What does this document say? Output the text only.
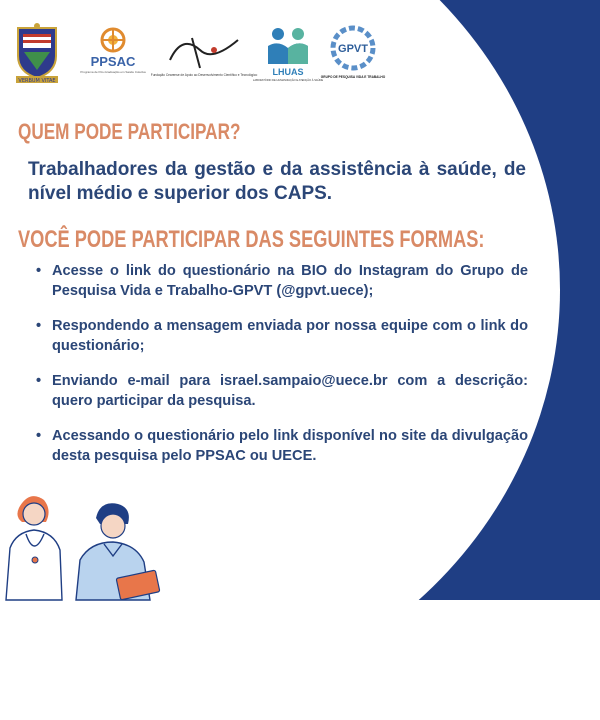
VERBUM VITAE
PPSAC
Programa de Pós-Graduação em Saúde Coletiva
Fundação Cearense de Apoio ao Desenvolvimento Científico e Tecnológico LHUAS
LABORATÓRIO DE HUMANIZAÇÃO E ATENÇÃO À SAÚDE
GPVT
GRUPO DE PESQUISA VIDA E TRABALHO
QUEM PODE PARTICIPAR?
Trabalhadores da gestão e da assistência à saúde, de nível médio e superior dos CAPS.
VOCÊ PODE PARTICIPAR DAS SEGUINTES FORMAS:
• Acesse o link do questionário na BIO do Instagram do Grupo de Pesquisa Vida e Trabalho-GPVT (@gpvt.uece);
• Respondendo a mensagem enviada por nossa equipe com o link do questionário;
• Enviando e-mail para israel.sampaio@uece.br com a descrição: quero participar da pesquisa.
• Acessando o questionário pelo link disponível no site da divulgação desta pesquisa pelo PPSAC ou UECE.
